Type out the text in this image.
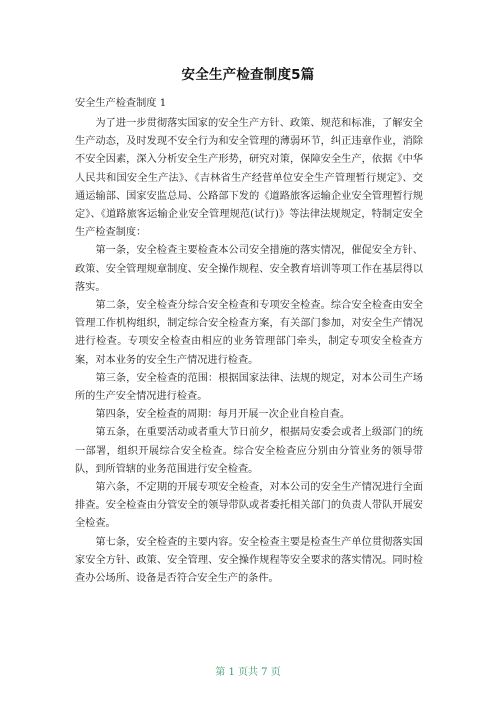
安全生产检查制度5篇
安全生产检查制度 1

为了进一步贯彻落实国家的安全生产方针、政策、规范和标准，了解安全生产动态，及时发现不安全行为和安全管理的薄弱环节，纠正违章作业，消除不安全因素，深入分析安全生产形势，研究对策，保障安全生产，依据《中华人民共和国安全生产法》、《吉林省生产经营单位安全生产管理暂行规定》、交通运输部、国家安监总局、公路部下发的《道路旅客运输企业安全管理暂行规定》、《道路旅客运输企业安全管理规范(试行)》等法律法规规定，特制定安全生产检查制度：

第一条，安全检查主要检查本公司安全措施的落实情况，催促安全方针、政策、安全管理规章制度、安全操作规程、安全教育培训等项工作在基层得以落实。

第二条，安全检查分综合安全检查和专项安全检查。综合安全检查由安全管理工作机构组织，制定综合安全检查方案，有关部门参加，对安全生产情况进行检查。专项安全检查由相应的业务管理部门牵头，制定专项安全检查方案，对本业务的安全生产情况进行检查。

第三条，安全检查的范围：根据国家法律、法规的规定，对本公司生产场所的生产安全情况进行检查。

第四条，安全检查的周期：每月开展一次企业自检自查。

第五条，在重要活动或者重大节日前夕，根据局安委会或者上级部门的统一部署，组织开展综合安全检查。综合安全检查应分别由分管业务的领导带队，到所管辖的业务范围进行安全检查。

第六条，不定期的开展专项安全检查，对本公司的安全生产情况进行全面排查。安全检查由分管安全的领导带队或者委托相关部门的负责人带队开展安全检查。

第七条，安全检查的主要内容。安全检查主要是检查生产单位贯彻落实国家安全方针、政策、安全管理、安全操作规程等安全要求的落实情况。同时检查办公场所、设备是否符合安全生产的条件。

第 1 页共 7 页
